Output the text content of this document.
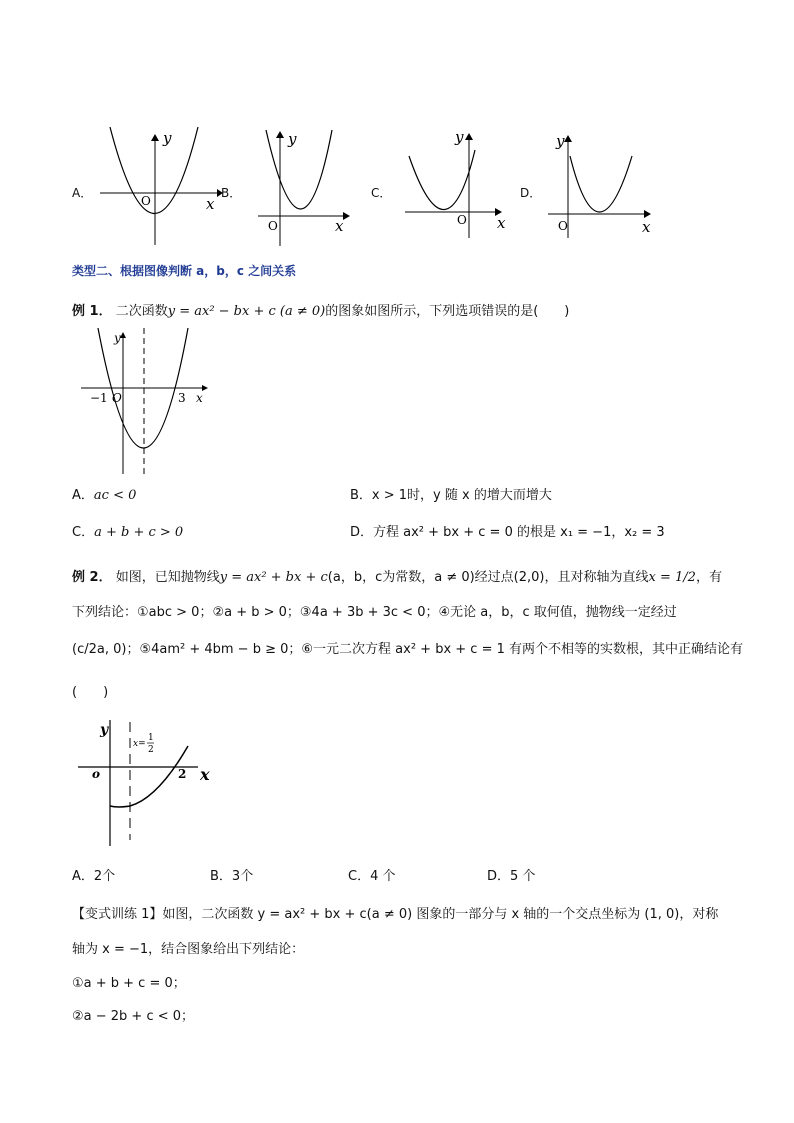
A．
y
x
O
B．
y
x
O
C．
y
x
O
D．
y
x
O
类型二、根据图像判断 a，b，c 之间关系
例 1． 二次函数y = ax² − bx + c (a ≠ 0)的图象如图所示，下列选项错误的是(　　)
y
x
O
−1	3
A．ac < 0	B．x > 1时，y 随 x 的增大而增大
C．a + b + c > 0	D．方程 ax² + bx + c = 0 的根是 x₁ = −1，x₂ = 3
例 2． 如图，已知抛物线y = ax² + bx + c(a，b，c为常数，a ≠ 0)经过点(2,0)，且对称轴为直线x = 1/2，有
下列结论：①abc > 0；②a + b > 0；③4a + 3b + 3c < 0；④无论 a，b，c 取何值，抛物线一定经过
(c/2a, 0)；⑤4am² + 4bm − b ≥ 0；⑥一元二次方程 ax² + bx + c = 1 有两个不相等的实数根，其中正确结论有
(　　)
y
x
o	2
x=
1
2
A．2个	B．3个	C．4 个	D．5 个
【变式训练 1】如图，二次函数 y = ax² + bx + c(a ≠ 0) 图象的一部分与 x 轴的一个交点坐标为 (1, 0)，对称
轴为 x = −1，结合图象给出下列结论：
①a + b + c = 0；
②a − 2b + c < 0；
